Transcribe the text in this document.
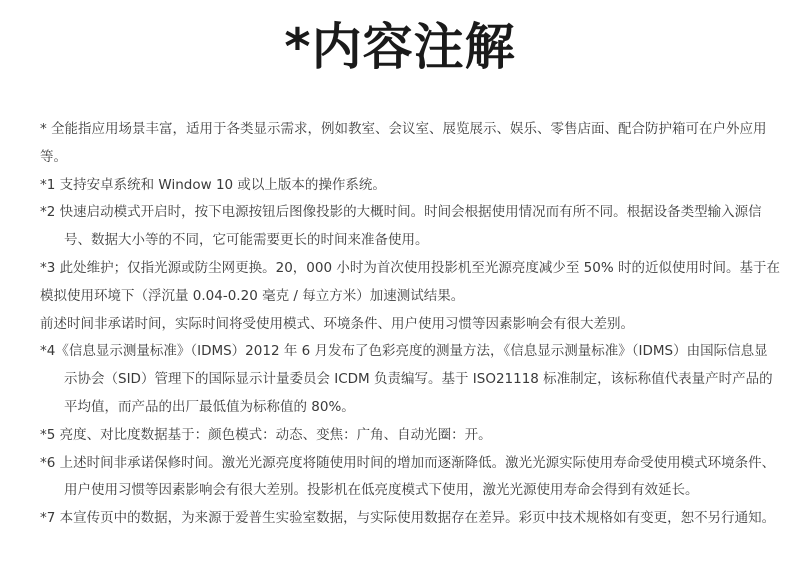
*内容注解

* 全能指应用场景丰富，适用于各类显示需求，例如教室、会议室、展览展示、娱乐、零售店面、配合防护箱可在户外应用等。

*1 支持安卓系统和 Window 10 或以上版本的操作系统。

*2 快速启动模式开启时，按下电源按钮后图像投影的大概时间。时间会根据使用情况而有所不同。根据设备类型输入源信号、数据大小等的不同，它可能需要更长的时间来准备使用。

*3 此处维护；仅指光源或防尘网更换。20，000 小时为首次使用投影机至光源亮度减少至 50% 时的近似使用时间。基于在模拟使用环境下（浮沉量 0.04-0.20 毫克 / 每立方米）加速测试结果。

前述时间非承诺时间，实际时间将受使用模式、环境条件、用户使用习惯等因素影响会有很大差别。

*4《信息显示测量标准》（IDMS）2012 年 6 月发布了色彩亮度的测量方法，《信息显示测量标准》（IDMS）由国际信息显示协会（SID）管理下的国际显示计量委员会 ICDM 负责编写。基于 ISO21118 标准制定，该标称值代表量产时产品的平均值，而产品的出厂最低值为标称值的 80%。

*5 亮度、对比度数据基于：颜色模式：动态、变焦：广角、自动光圈：开。

*6 上述时间非承诺保修时间。激光光源亮度将随使用时间的增加而逐渐降低。激光光源实际使用寿命受使用模式环境条件、用户使用习惯等因素影响会有很大差别。投影机在低亮度模式下使用，激光光源使用寿命会得到有效延长。

*7 本宣传页中的数据，为来源于爱普生实验室数据，与实际使用数据存在差异。彩页中技术规格如有变更，恕不另行通知。
